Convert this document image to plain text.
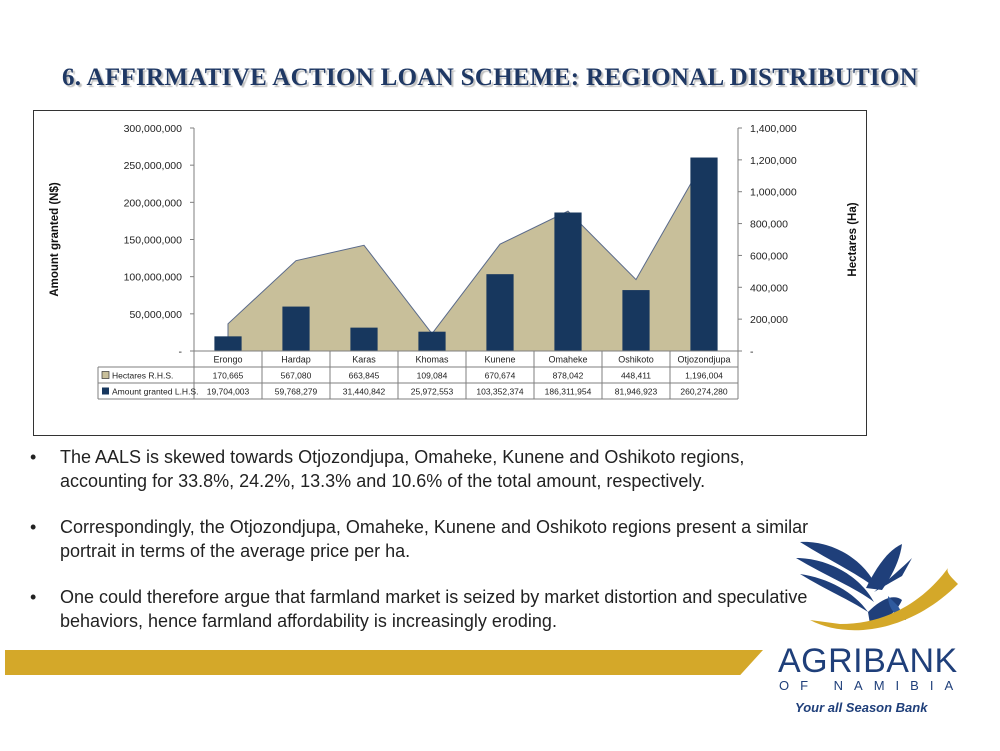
6. AFFIRMATIVE ACTION LOAN SCHEME: REGIONAL DISTRIBUTION
-
50,000,000
100,000,000
150,000,000
200,000,000
250,000,000
300,000,000
-
200,000
400,000
600,000
800,000
1,000,000
1,200,000
1,400,000
Amount granted (N$)	Hectares (Ha)
Erongo
170,665
19,704,003
Hardap
567,080
59,768,279
Karas
663,845
31,440,842
Khomas
109,084
25,972,553
Kunene
670,674
103,352,374
Omaheke
878,042
186,311,954
Oshikoto
448,411
81,946,923
Otjozondjupa
1,196,004
260,274,280
Hectares R.H.S.
Amount granted L.H.S.
• The AALS is skewed towards Otjozondjupa, Omaheke, Kunene and Oshikoto regions, accounting for 33.8%, 24.2%, 13.3% and 10.6% of the total amount, respectively.
• Correspondingly, the Otjozondjupa, Omaheke, Kunene and Oshikoto regions present a similar portrait in terms of the average price per ha.
• One could therefore argue that farmland market is seized by market distortion and speculative behaviors, hence farmland affordability is increasingly eroding.
AGRIBANK
OF NAMIBIA
Your all Season Bank
